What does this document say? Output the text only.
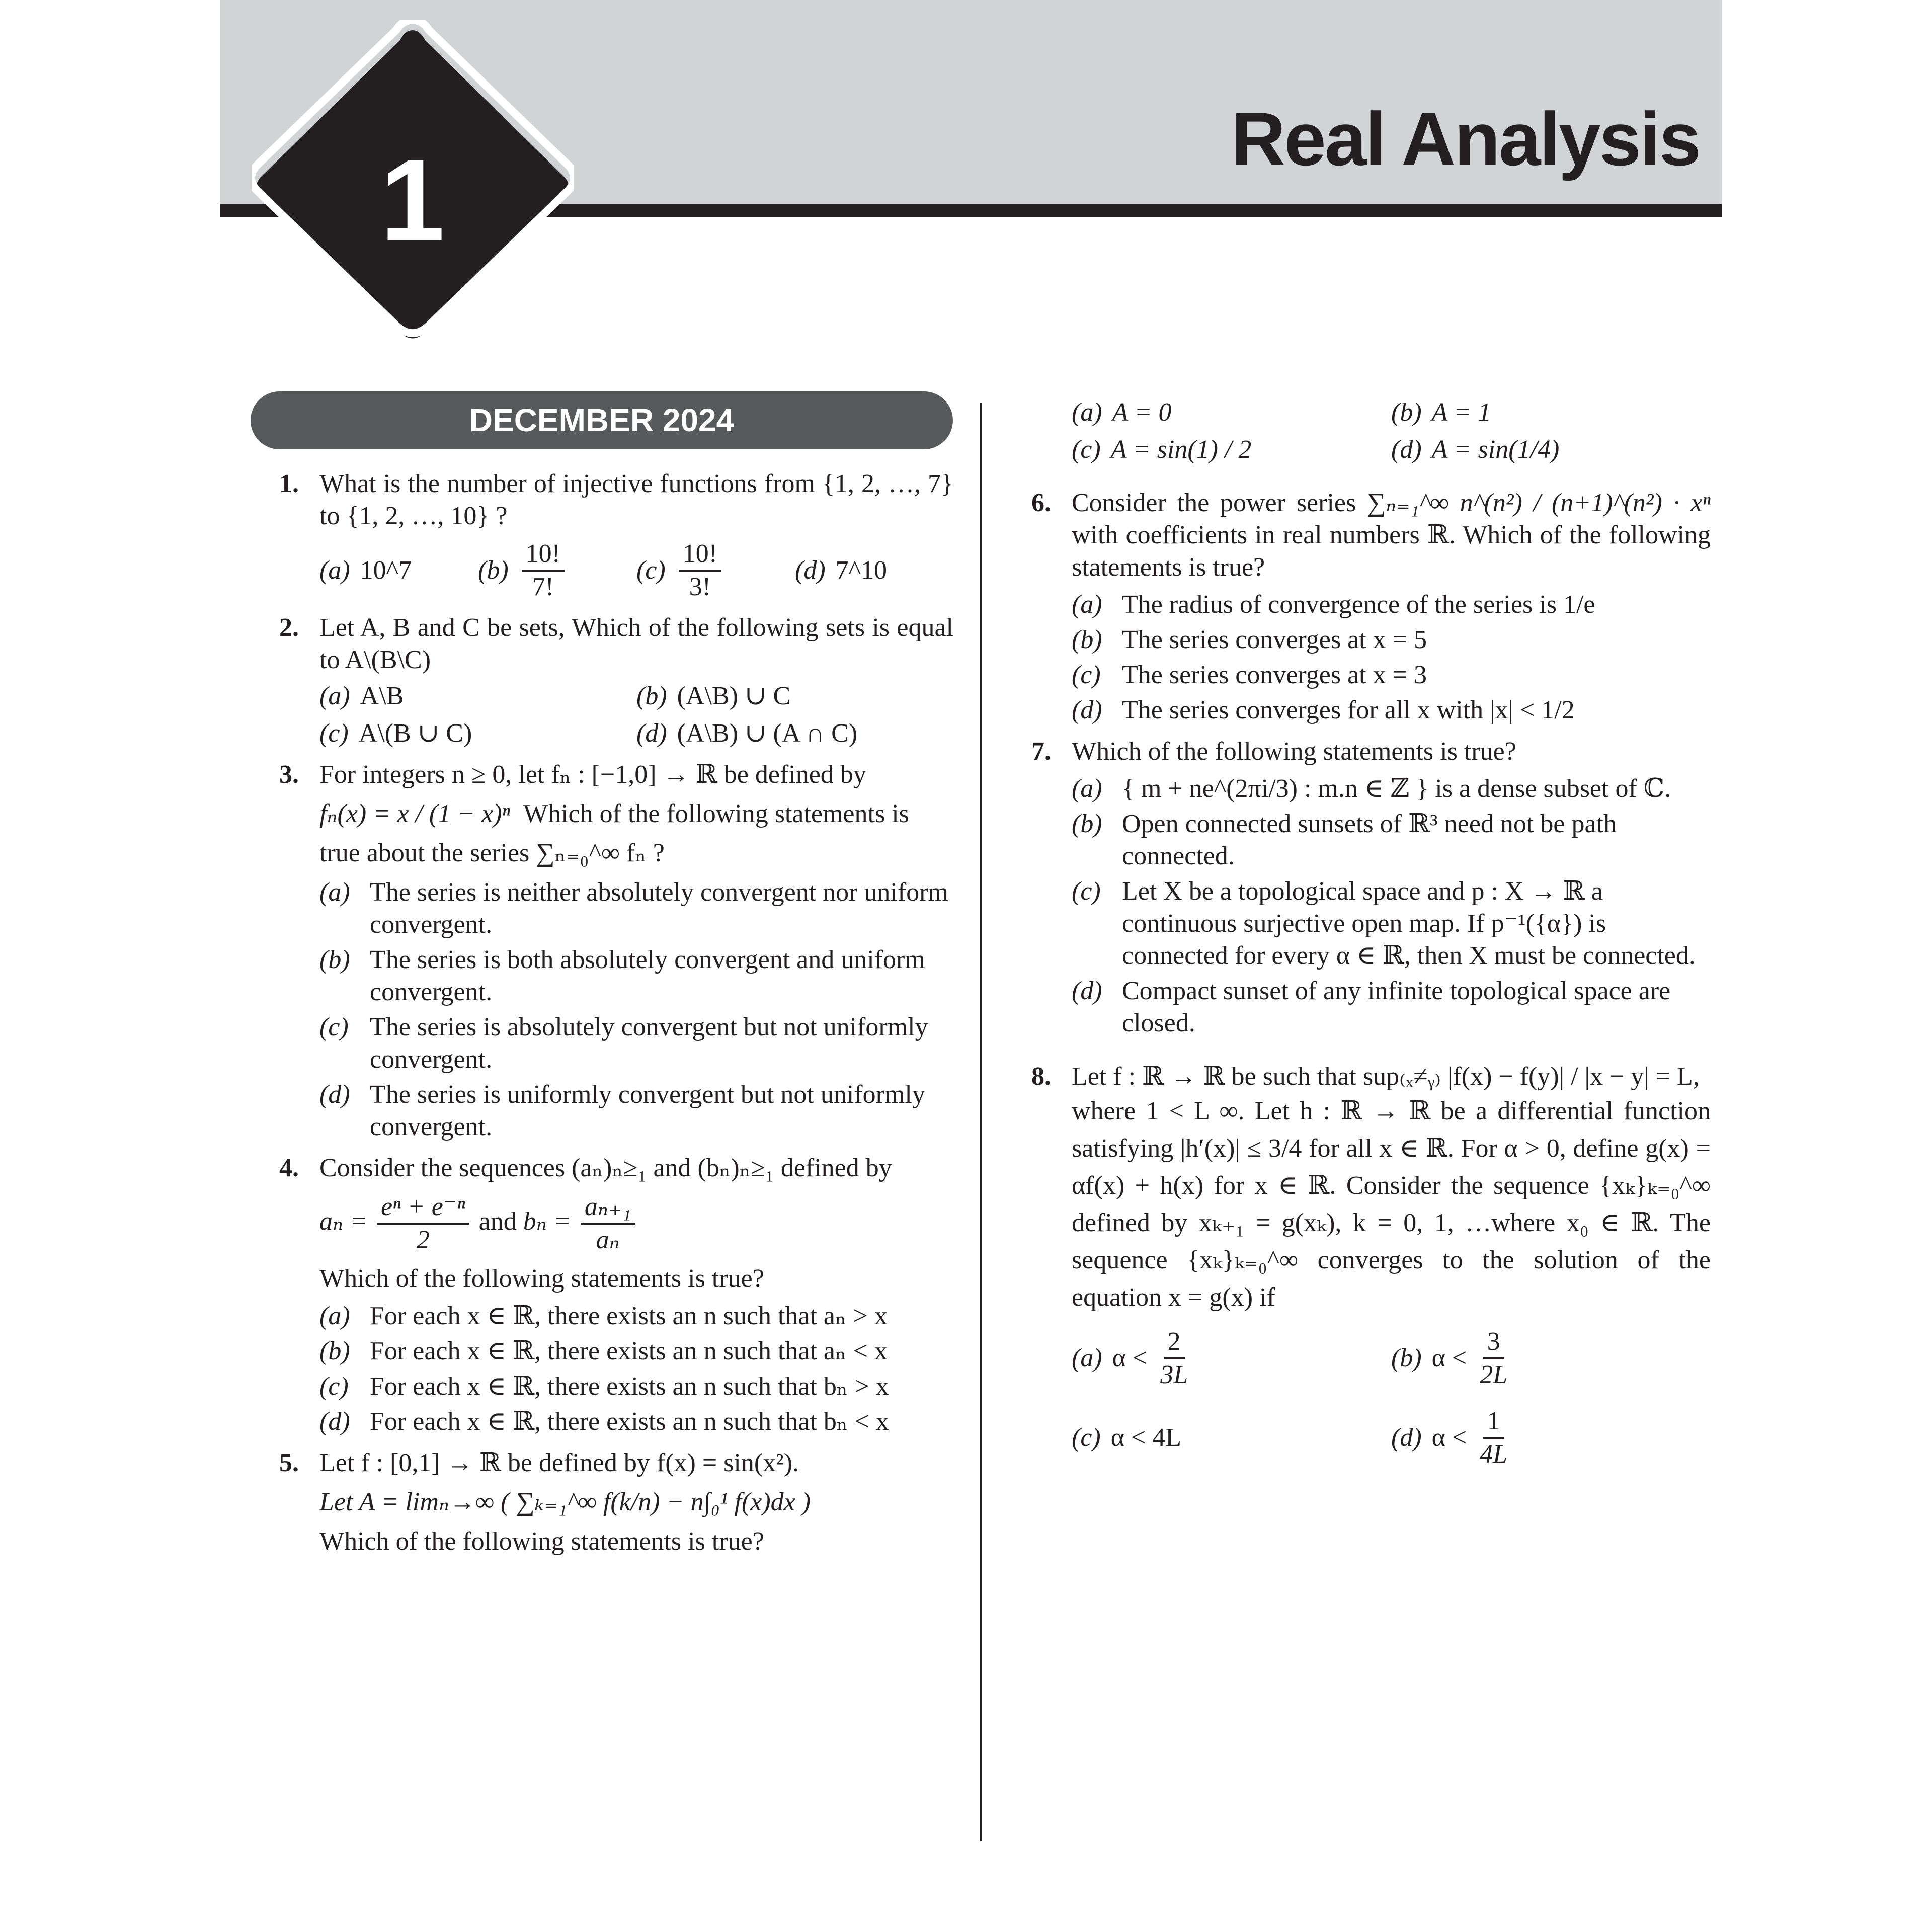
Real Analysis
1
DECEMBER 2024
1. What is the number of injective functions from {1, 2, …, 7} to {1, 2, …, 10} ?
(a) 10^7	$(b) \frac{10!}{7!}$	$(c) \frac{10!}{3!}$	(d) 7^10
2. Let A, B and C be sets, Which of the following sets is equal to A\(B\C)
(a) A\B	(b) (A\B) ∪ C
(c) A\(B ∪ C)	(d) (A\B) ∪ (A ∩ C)
3. For integers n ≥ 0, let fₙ : [−1,0] → ℝ be defined by
fₙ(x) = x / (1 − x)ⁿ Which of the following statements is
true about the series ∑ₙ₌₀^∞ fₙ ?
(a) The series is neither absolutely convergent nor uniform convergent.
(b) The series is both absolutely convergent and uniform convergent.
(c) The series is absolutely convergent but not uniformly convergent.
(d) The series is uniformly convergent but not uniformly convergent.
4. Consider the sequences (aₙ)ₙ≥₁ and (bₙ)ₙ≥₁ defined by
$a_n = \frac{\text{eⁿ + e⁻ⁿ}}{2}$ and $b_n = \frac{\text{aₙ₊₁}}{\text{aₙ}}$
Which of the following statements is true?
(a) For each x ∈ ℝ, there exists an n such that aₙ > x
(b) For each x ∈ ℝ, there exists an n such that aₙ < x
(c) For each x ∈ ℝ, there exists an n such that bₙ > x
(d) For each x ∈ ℝ, there exists an n such that bₙ < x
5. Let f : [0,1] → ℝ be defined by f(x) = sin(x²).
Let A = limₙ→∞ ( ∑ₖ₌₁^∞ f(k/n) − n∫₀¹ f(x)dx )
Which of the following statements is true?
(a) A = 0	(b) A = 1
(c) A = sin(1) / 2	(d) A = sin(1/4)
6. Consider the power series ∑ₙ₌₁^∞ n^(n²) / (n+1)^(n²) · xⁿ with coefficients in real numbers ℝ. Which of the following statements is true?
(a) The radius of convergence of the series is 1/e
(b) The series converges at x = 5
(c) The series converges at x = 3
(d) The series converges for all x with |x| < 1/2
7. Which of the following statements is true?
(a) { m + ne^(2πi/3) : m.n ∈ ℤ } is a dense subset of ℂ.
(b) Open connected sunsets of ℝ³ need not be path connected.
(c) Let X be a topological space and p : X → ℝ a continuous surjective open map. If p⁻¹({α}) is connected for every α ∈ ℝ, then X must be connected.
(d) Compact sunset of any infinite topological space are closed.
8. Let f : ℝ → ℝ be such that sup₍ₓ≠ᵧ₎ |f(x) − f(y)| / |x − y| = L,
where 1 < L ∞. Let h : ℝ → ℝ be a differential function satisfying |h′(x)| ≤ 3/4 for all x ∈ ℝ. For α > 0, define g(x) = αf(x) + h(x) for x ∈ ℝ. Consider the sequence {xₖ}ₖ₌₀^∞ defined by xₖ₊₁ = g(xₖ), k = 0, 1, …where x₀ ∈ ℝ. The sequence {xₖ}ₖ₌₀^∞ converges to the solution of the equation x = g(x) if
(a) $\alpha < \frac{2}{3L}$	(b) $\alpha < \frac{3}{2L}$
(c) α < 4L	(d) $\alpha < \frac{1}{4L}$
